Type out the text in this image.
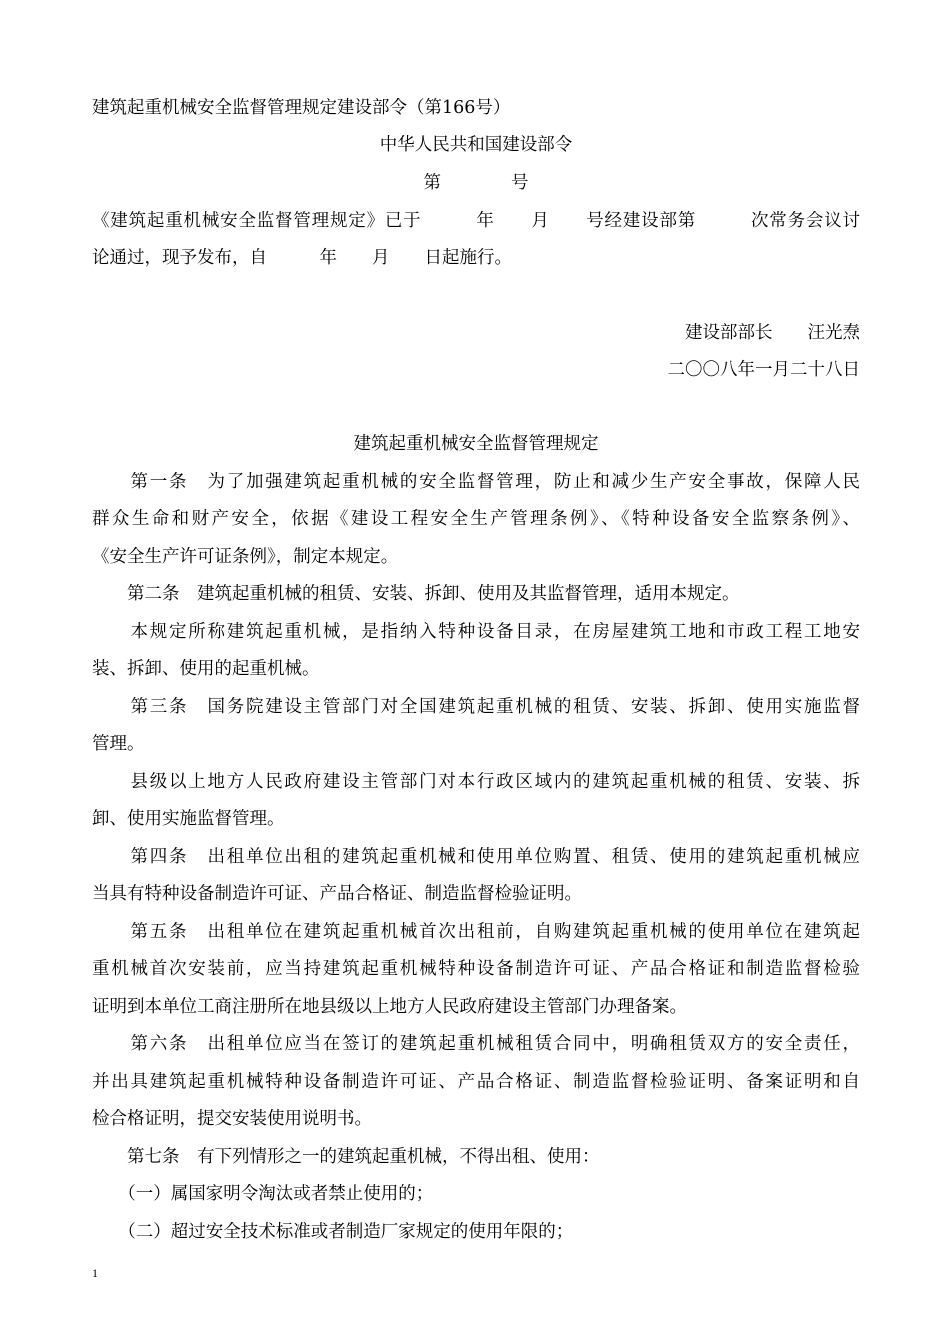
建筑起重机械安全监督管理规定建设部令（第166号）
中华人民共和国建设部令
第　　　　号
《建筑起重机械安全监督管理规定》已于　　　年　　月　　号经建设部第　　　次常务会议讨
论通过，现予发布，自　　　年　　月　　日起施行。
建设部部长　　汪光焘
二〇〇八年一月二十八日
建筑起重机械安全监督管理规定
　　第一条　为了加强建筑起重机械的安全监督管理，防止和减少生产安全事故，保障人民
群众生命和财产安全，依据《建设工程安全生产管理条例》、《特种设备安全监察条例》、
《安全生产许可证条例》，制定本规定。
　　第二条　建筑起重机械的租赁、安装、拆卸、使用及其监督管理，适用本规定。
　　本规定所称建筑起重机械，是指纳入特种设备目录，在房屋建筑工地和市政工程工地安
装、拆卸、使用的起重机械。
　　第三条　国务院建设主管部门对全国建筑起重机械的租赁、安装、拆卸、使用实施监督
管理。
　　县级以上地方人民政府建设主管部门对本行政区域内的建筑起重机械的租赁、安装、拆
卸、使用实施监督管理。
　　第四条　出租单位出租的建筑起重机械和使用单位购置、租赁、使用的建筑起重机械应
当具有特种设备制造许可证、产品合格证、制造监督检验证明。
　　第五条　出租单位在建筑起重机械首次出租前，自购建筑起重机械的使用单位在建筑起
重机械首次安装前，应当持建筑起重机械特种设备制造许可证、产品合格证和制造监督检验
证明到本单位工商注册所在地县级以上地方人民政府建设主管部门办理备案。
　　第六条　出租单位应当在签订的建筑起重机械租赁合同中，明确租赁双方的安全责任，
并出具建筑起重机械特种设备制造许可证、产品合格证、制造监督检验证明、备案证明和自
检合格证明，提交安装使用说明书。
　　第七条　有下列情形之一的建筑起重机械，不得出租、使用：
　　（一）属国家明令淘汰或者禁止使用的；
　　（二）超过安全技术标准或者制造厂家规定的使用年限的；
1
